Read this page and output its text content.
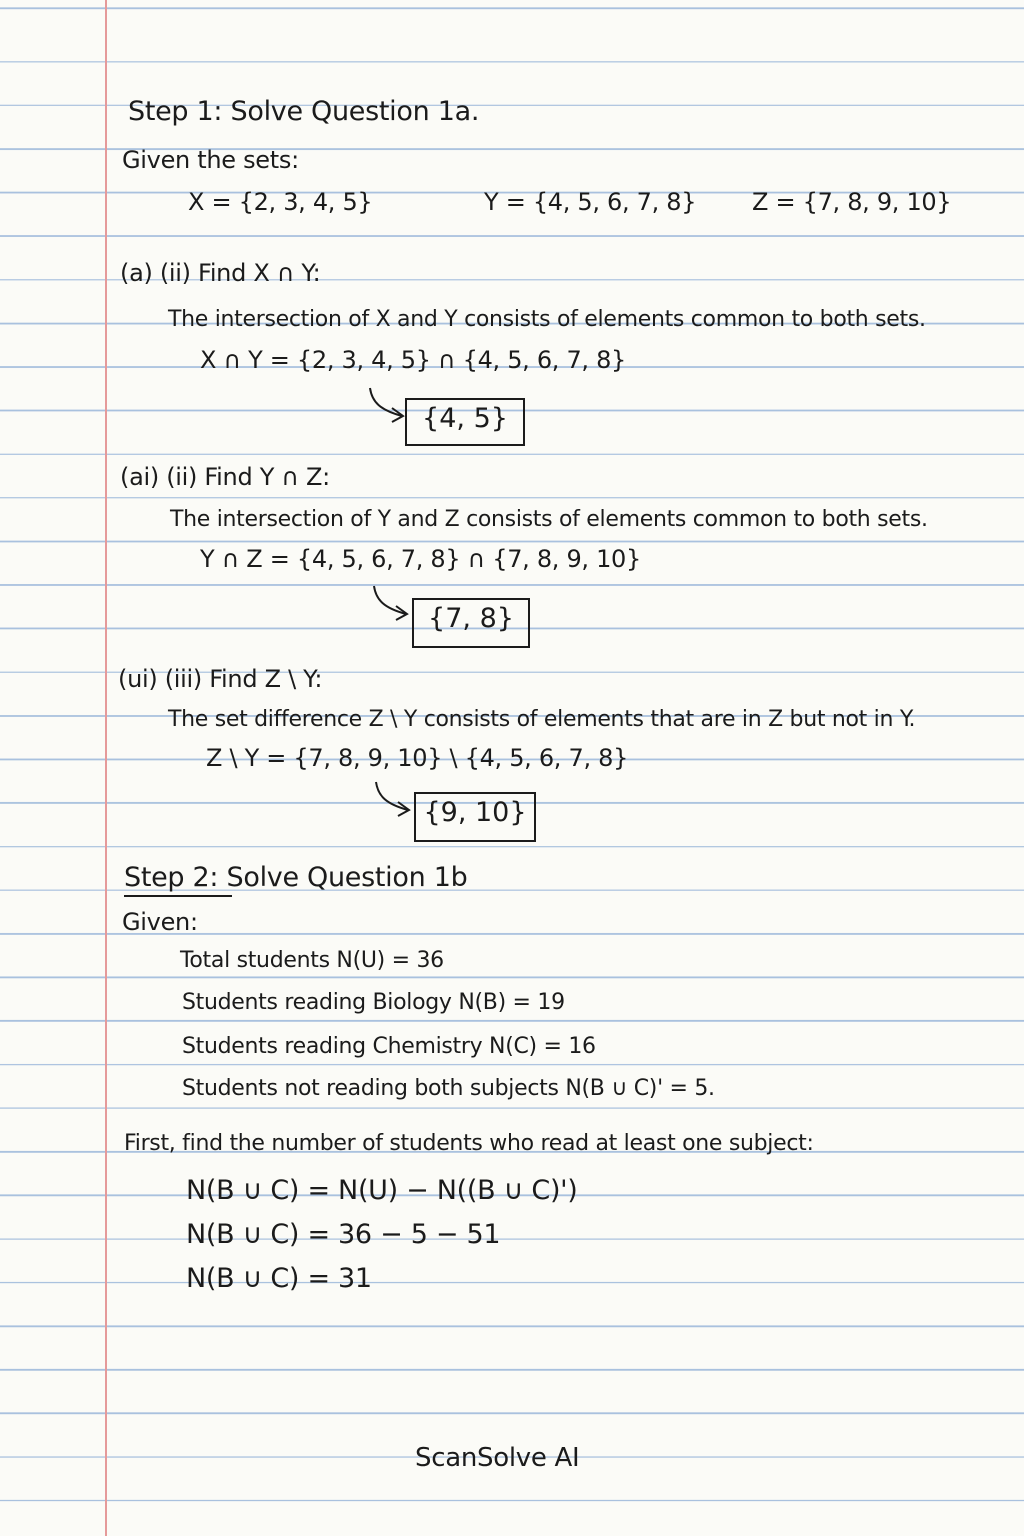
Step 1: Solve Question 1a.
Given the sets:
X = {2, 3, 4, 5}	Y = {4, 5, 6, 7, 8} Z = {7, 8, 9, 10}
(a) (ii) Find X ∩ Y:
The intersection of X and Y consists of elements common to both sets.
X ∩ Y = {2, 3, 4, 5} ∩ {4, 5, 6, 7, 8}
{4, 5}
(ai) (ii) Find Y ∩ Z:
The intersection of Y and Z consists of elements common to both sets.
Y ∩ Z = {4, 5, 6, 7, 8} ∩ {7, 8, 9, 10}
{7, 8}
(ui) (iii) Find Z \ Y:
The set difference Z \ Y consists of elements that are in Z but not in Y.
Z \ Y = {7, 8, 9, 10} \ {4, 5, 6, 7, 8}
{9, 10}
Step 2: Solve Question 1b
Given:
Total students N(U) = 36
Students reading Biology N(B) = 19
Students reading Chemistry N(C) = 16
Students not reading both subjects N(B ∪ C)' = 5.
First, find the number of students who read at least one subject:
N(B ∪ C) = N(U) − N((B ∪ C)')
N(B ∪ C) = 36 − 5 − 51
N(B ∪ C) = 31
ScanSolve AI
